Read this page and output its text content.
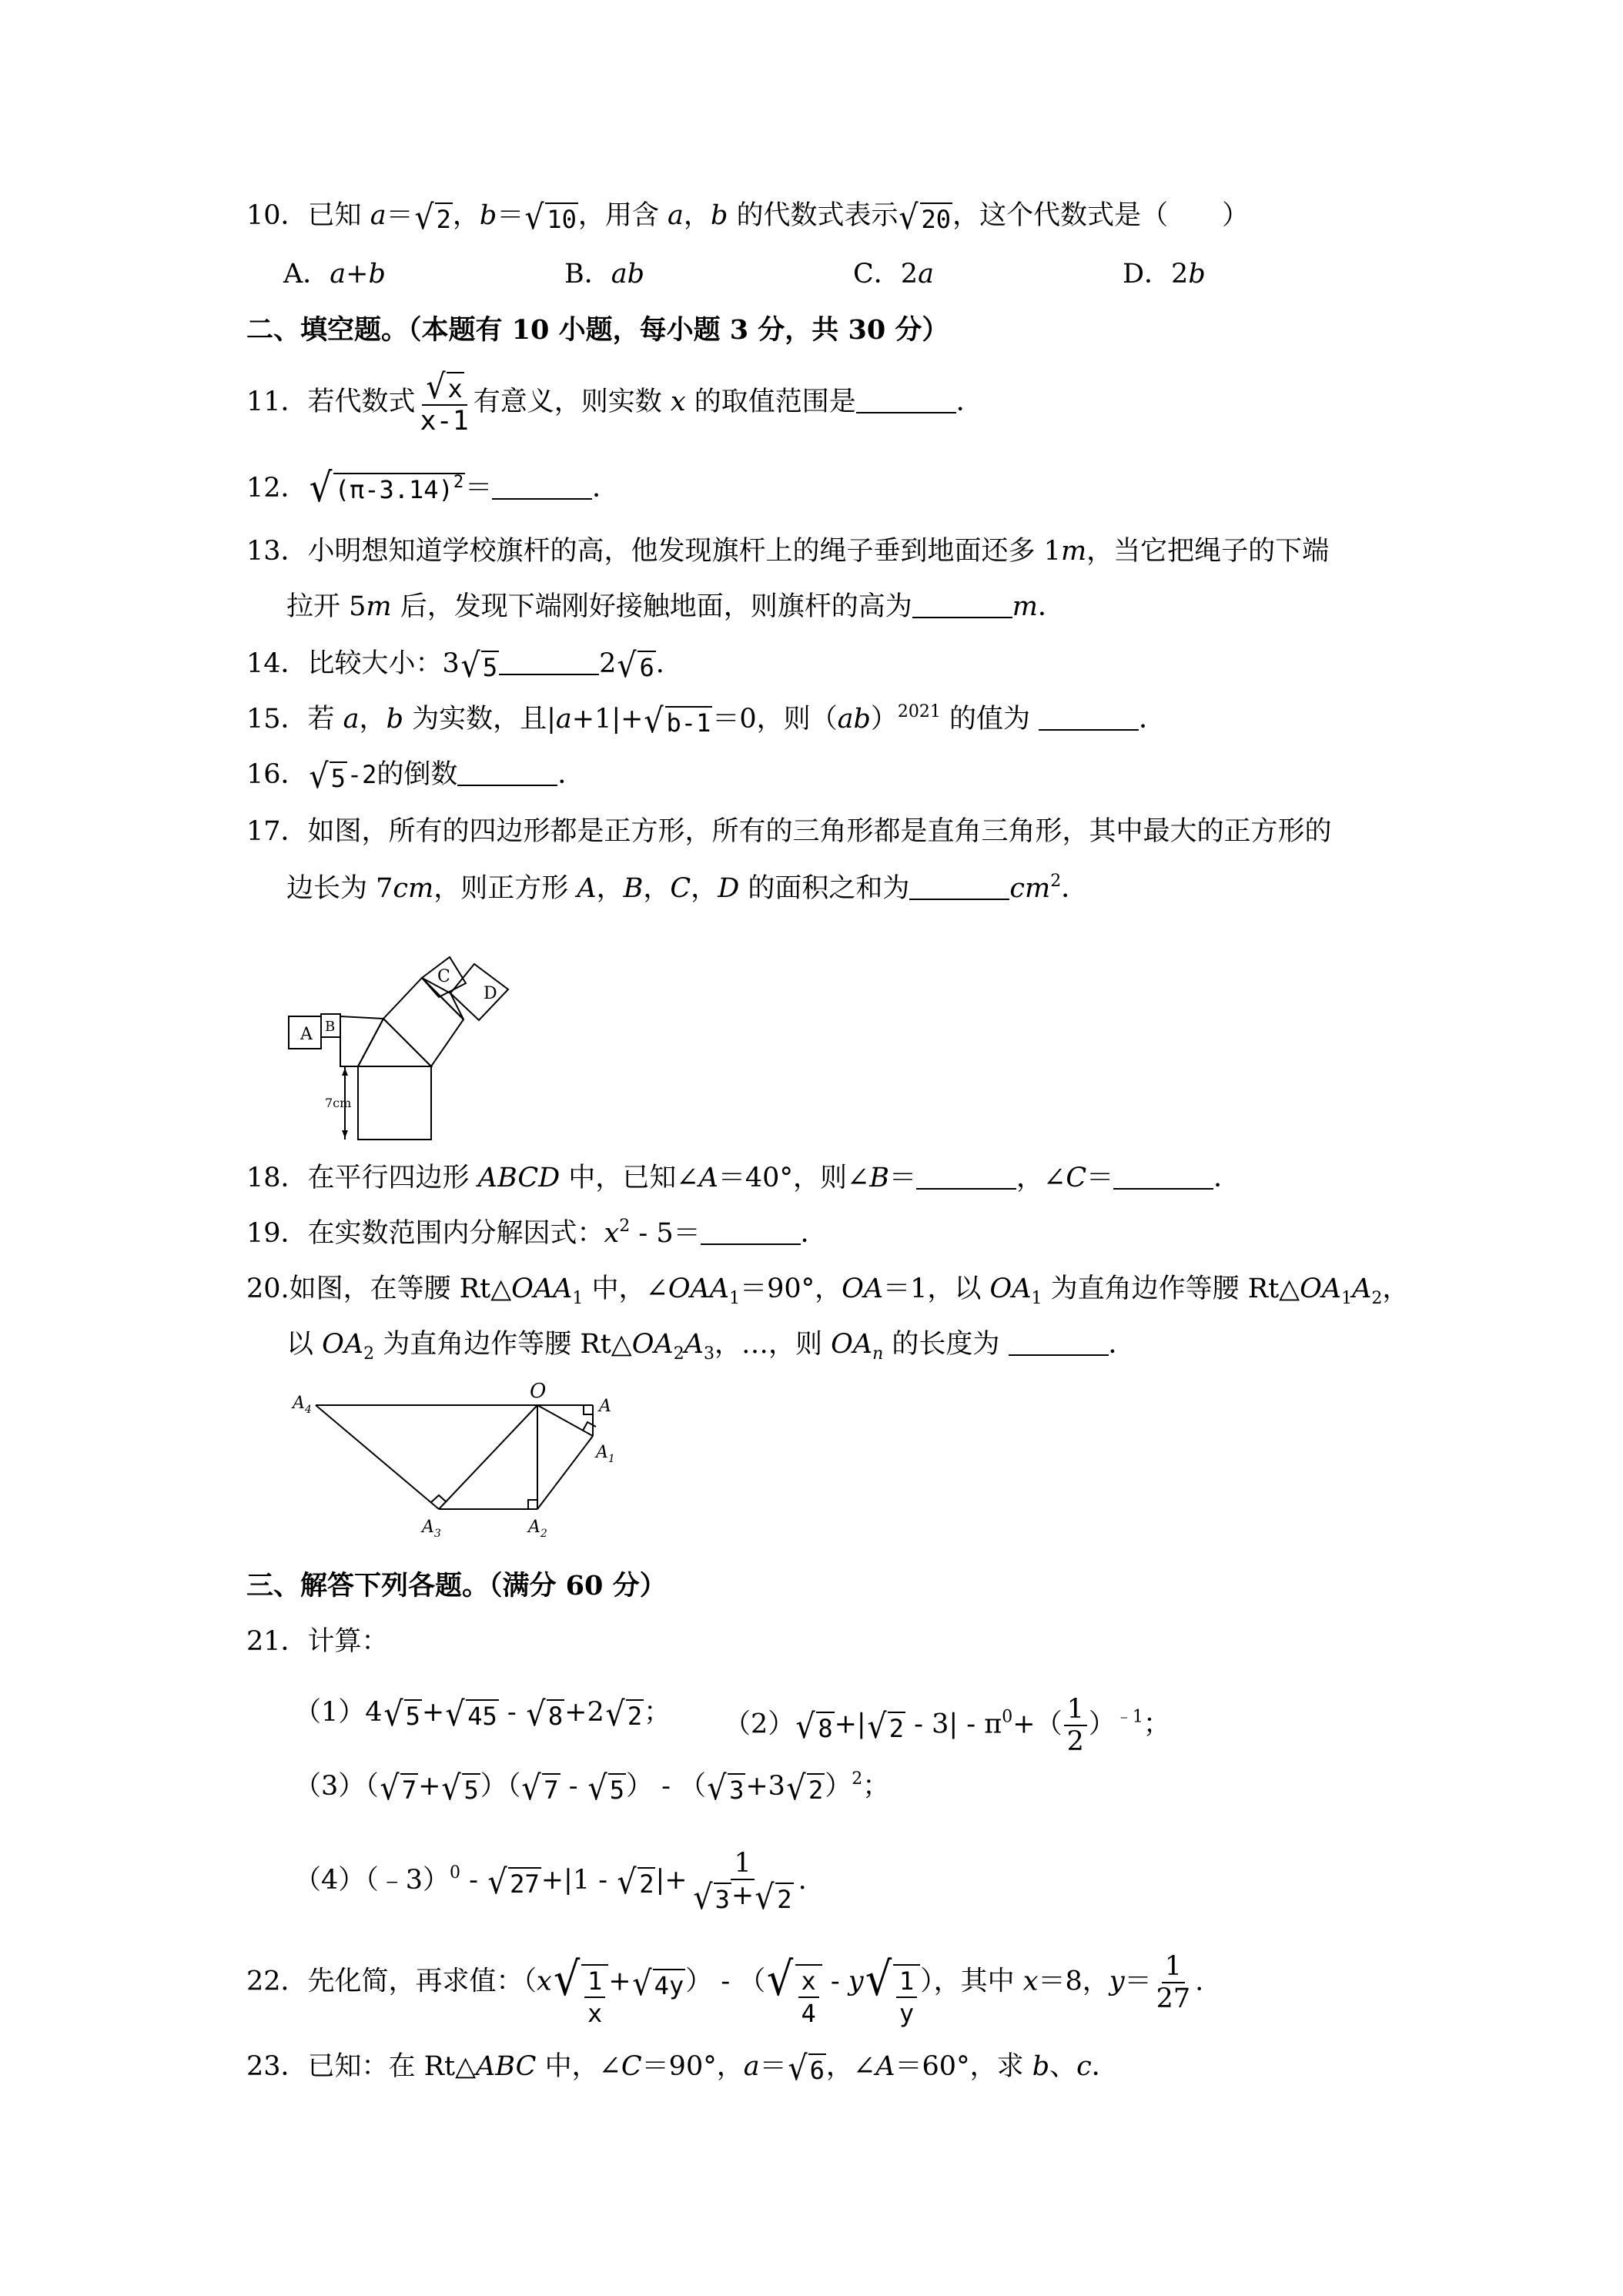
10．已知 a＝ √ 2 ，b＝ √ 10 ，用含 a，b 的代数式表示 √ 20 ，这个代数式是（　　）
A．a+b	B．ab	C．2a	D．2b
二、填空题。（本题有 10 小题，每小题 3 分，共 30 分）
11．若代数式 $\frac{√ x}{x-1}$ 有意义，则实数 x 的取值范围是	．
12． √ $(\pi-3.14)^2$ ＝	．
13．小明想知道学校旗杆的高，他发现旗杆上的绳子垂到地面还多 1m，当它把绳子的下端
拉开 5m 后，发现下端刚好接触地面，则旗杆的高为	m．
14．比较大小：3 √ 5	2 √ 6 .
15．若 a，b 为实数，且|a+1|+ √ b-1 ＝0，则（ab）$^{2021}$ 的值为	．
16． √ 5 -2的倒数	．
17．如图，所有的四边形都是正方形，所有的三角形都是直角三角形，其中最大的正方形的
边长为 7cm，则正方形 A，B，C，D 的面积之和为	$cm^2$．
A B
C
D
7cm
18．在平行四边形 ABCD 中，已知∠A＝40°，则∠B＝	，∠C＝	．
19．在实数范围内分解因式：$x^2 - 5=$	．
20.如图，在等腰 $Rt\triangle OAA_1$ 中，$\angle OAA_1=90^\circ$，OA＝1，以 $OA_1$ 为直角边作等腰 $Rt\triangle OA_1A_2$，
以 $OA_2$ 为直角边作等腰 $Rt\triangle OA_2A_3$，…，则 $OA_n$ 的长度为	．
O
A
$A_1$
$A_2$
$A_3$
$A_4$
三、解答下列各题。（满分 60 分）
21．计算：
（1）4 √ 5 + √ 45 - √ 8 +2 √ 2 ； （2） √ 8 +| √ $2 - 3| - \pi^0+( \frac{1}{2} )^{﹣1}$；
（3）（ √ 7 + √ 5 ）（ √ 7 - √ 5 ） - （ √ 3 +3 √ 2 ）$^2$；
（4）（﹣3）$^0$ - √ 27 +|1 - √ 2 |+ $\frac{1}{√ 3 + √ 2}$ .
22．先化简，再求值：（x √ $\frac{1}{x}$ + √ 4y ） - （ √ $\frac{x}{4}$ - y √ $\frac{1}{y}$ ），其中 x＝8，$y= \frac{1}{27}$ .
23．已知：在 Rt△ABC 中，∠C＝90°，a＝ √ 6 ，∠A＝60°，求 b、c．
